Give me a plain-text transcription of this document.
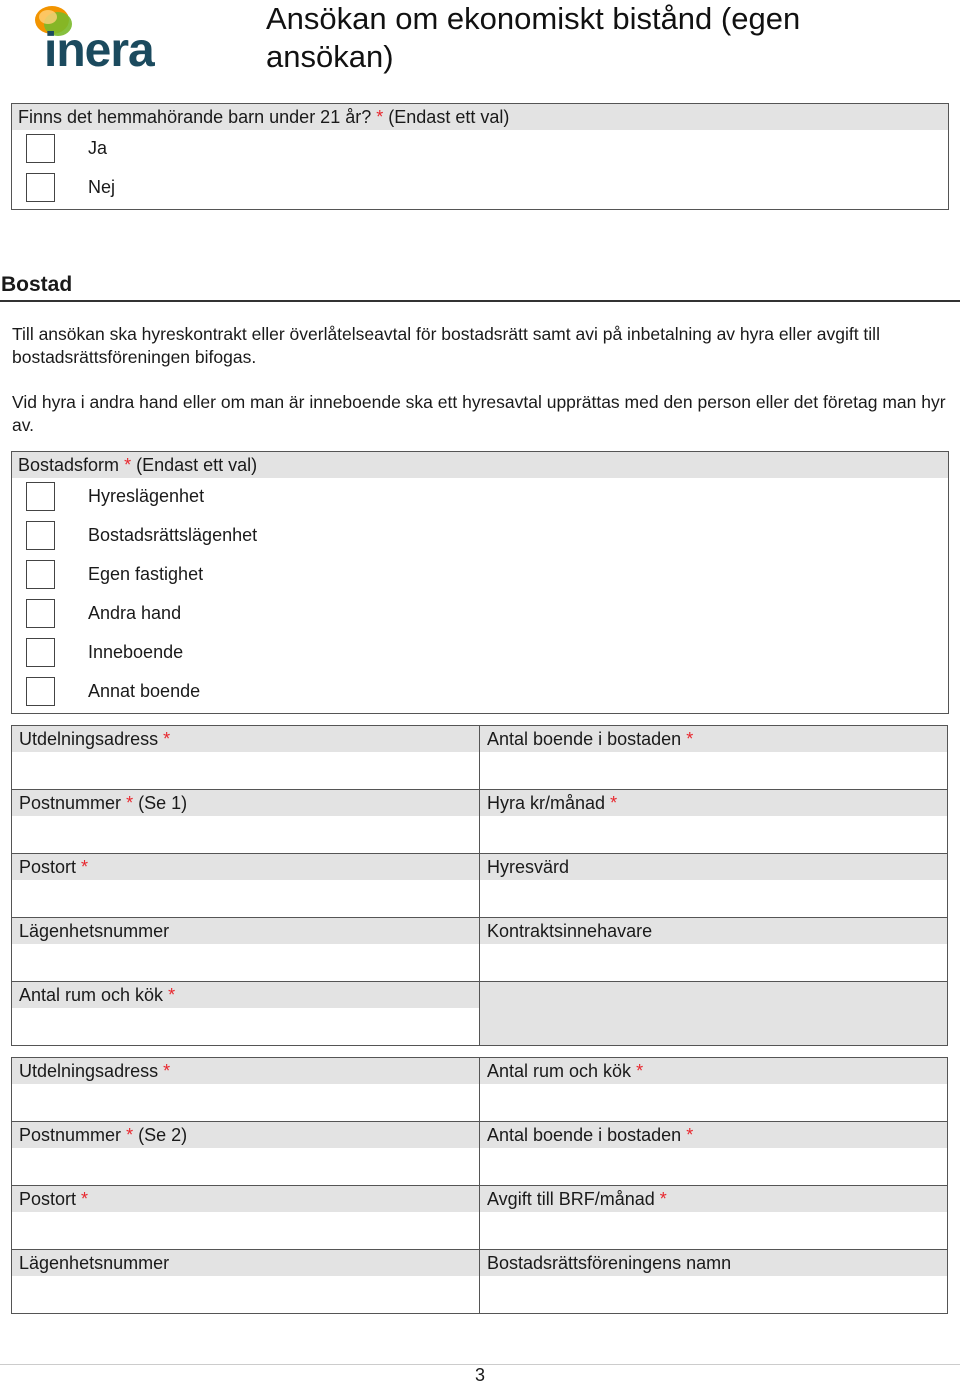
inera
Ansökan om ekonomiskt bistånd (egen
ansökan)
Finns det hemmahörande barn under 21 år? * (Endast ett val)
Ja
Nej
Bostad

Till ansökan ska hyreskontrakt eller överlåtelseavtal för bostadsrätt samt avi på inbetalning av hyra eller avgift till bostadsrättsföreningen bifogas.

Vid hyra i andra hand eller om man är inneboende ska ett hyresavtal upprättas med den person eller det företag man hyr av.

Bostadsform * (Endast ett val)
Hyreslägenhet
Bostadsrättslägenhet
Egen fastighet
Andra hand
Inneboende
Annat boende
Utdelningsadress *	Antal boende i bostaden *
Postnummer * (Se 1)	Hyra kr/månad *
Postort *	Hyresvärd
Lägenhetsnummer	Kontraktsinnehavare
Antal rum och kök *
Utdelningsadress *	Antal rum och kök *
Postnummer * (Se 2)	Antal boende i bostaden *
Postort *	Avgift till BRF/månad *
Lägenhetsnummer	Bostadsrättsföreningens namn
3
